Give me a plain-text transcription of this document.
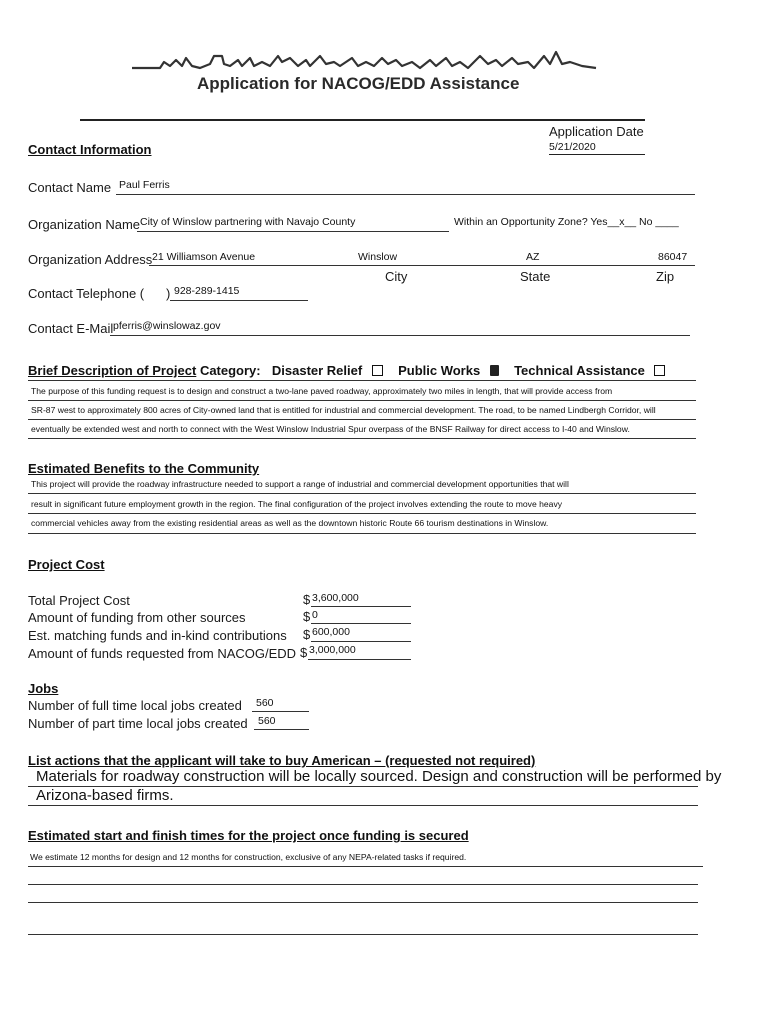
Application for NACOG/EDD Assistance
Application Date
5/21/2020
Contact Information
Contact Name Paul Ferris
Organization Name City of Winslow partnering with Navajo County	Within an Opportunity Zone? Yes__x__ No ____
Organization Address 21 Williamson Avenue	Winslow	AZ	86047
City	State	Zip
Contact Telephone ( ) 928-289-1415
Contact E-Mail pferris@winslowaz.gov
Brief Description of Project Category: Disaster Relief	Public Works	Technical Assistance
The purpose of this funding request is to design and construct a two-lane paved roadway, approximately two miles in length, that will provide access from
SR-87 west to approximately 800 acres of City-owned land that is entitled for industrial and commercial development. The road, to be named Lindbergh Corridor, will
eventually be extended west and north to connect with the West Winslow Industrial Spur overpass of the BNSF Railway for direct access to I-40 and Winslow.
Estimated Benefits to the Community
This project will provide the roadway infrastructure needed to support a range of industrial and commercial development opportunities that will
result in significant future employment growth in the region. The final configuration of the project involves extending the route to move heavy
commercial vehicles away from the existing residential areas as well as the downtown historic Route 66 tourism destinations in Winslow.
Project Cost
Total Project Cost	$ 3,600,000
Amount of funding from other sources	$ 0
Est. matching funds and in-kind contributions $ 600,000
Amount of funds requested from NACOG/EDD $ 3,000,000
Jobs
Number of full time local jobs created 560
Number of part time local jobs created 560
List actions that the applicant will take to buy American – (requested not required)
Materials for roadway construction will be locally sourced. Design and construction will be performed by
Arizona-based firms.
Estimated start and finish times for the project once funding is secured
We estimate 12 months for design and 12 months for construction, exclusive of any NEPA-related tasks if required.
